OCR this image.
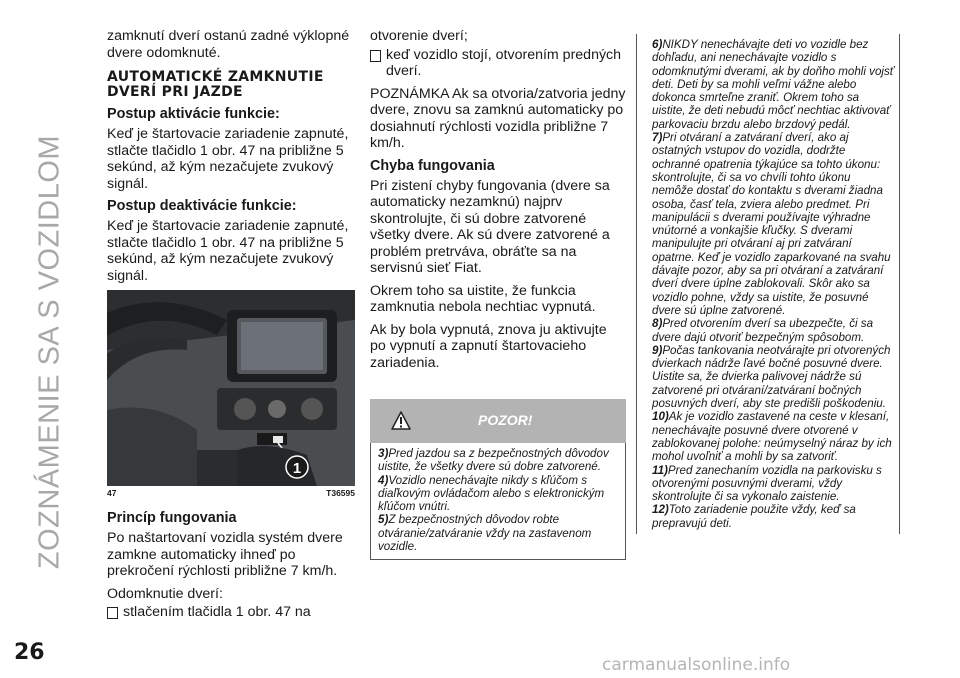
ZOZNÁMENIE SA S VOZIDLOM

zamknutí dverí ostanú zadné výklopné dvere odomknuté.

AUTOMATICKÉ ZAMKNUTIE DVERÍ PRI JAZDE
Postup aktivácie funkcie:

Keď je štartovacie zariadenie zapnuté, stlačte tlačidlo 1 obr. 47 na približne 5 sekúnd, až kým nezačujete zvukový signál.

Postup deaktivácie funkcie:

Keď je štartovacie zariadenie zapnuté, stlačte tlačidlo 1 obr. 47 na približne 5 sekúnd, až kým nezačujete zvukový signál.

1
47	T36595
Princíp fungovania

Po naštartovaní vozidla systém dvere zamkne automaticky ihneď po prekročení rýchlosti približne 7 km/h.

Odomknutie dverí:

stlačením tlačidla 1 obr. 47 na

otvorenie dverí;

keď vozidlo stojí, otvorením predných dverí.

POZNÁMKA Ak sa otvoria/zatvoria jedny dvere, znovu sa zamknú automaticky po dosiahnutí rýchlosti vozidla približne 7 km/h.

Chyba fungovania

Pri zistení chyby fungovania (dvere sa automaticky nezamknú) najprv skontrolujte, či sú dobre zatvorené všetky dvere. Ak sú dvere zatvorené a problém pretrváva, obráťte sa na servisnú sieť Fiat.

Okrem toho sa uistite, že funkcia zamknutia nebola nechtiac vypnutá.

Ak by bola vypnutá, znova ju aktivujte po vypnutí a zapnutí štartovacieho zariadenia.

POZOR!

3)Pred jazdou sa z bezpečnostných dôvodov uistite, že všetky dvere sú dobre zatvorené.

4)Vozidlo nenechávajte nikdy s kľúčom s diaľkovým ovládačom alebo s elektronickým kľúčom vnútri.

5)Z bezpečnostných dôvodov robte otváranie/zatváranie vždy na zastavenom vozidle.

6)NIKDY nenechávajte deti vo vozidle bez dohľadu, ani nenechávajte vozidlo s odomknutými dverami, ak by doňho mohli vojsť deti. Deti by sa mohli veľmi vážne alebo dokonca smrteľne zraniť. Okrem toho sa uistite, že deti nebudú môcť nechtiac aktivovať parkovaciu brzdu alebo brzdový pedál.

7)Pri otváraní a zatváraní dverí, ako aj ostatných vstupov do vozidla, dodržte ochranné opatrenia týkajúce sa tohto úkonu: skontrolujte, či sa vo chvíli tohto úkonu nemôže dostať do kontaktu s dverami žiadna osoba, časť tela, zviera alebo predmet. Pri manipulácii s dverami používajte výhradne vnútorné a vonkajšie kľučky. S dverami manipulujte pri otváraní aj pri zatváraní opatrne. Keď je vozidlo zaparkované na svahu dávajte pozor, aby sa pri otváraní a zatváraní dverí dvere úplne zablokovali. Skôr ako sa vozidlo pohne, vždy sa uistite, že posuvné dvere sú úplne zatvorené.

8)Pred otvorením dverí sa ubezpečte, či sa dvere dajú otvoriť bezpečným spôsobom.

9)Počas tankovania neotvárajte pri otvorených dvierkach nádrže ľavé bočné posuvné dvere. Uistite sa, že dvierka palivovej nádrže sú zatvorené pri otváraní/zatváraní bočných posuvných dverí, aby ste predišli poškodeniu.

10)Ak je vozidlo zastavené na ceste v klesaní, nenechávajte posuvné dvere otvorené v zablokovanej polohe: neúmyselný náraz by ich mohol uvoľniť a mohli by sa zatvoriť.

11)Pred zanechaním vozidla na parkovisku s otvorenými posuvnými dverami, vždy skontrolujte či sa vykonalo zaistenie.

12)Toto zariadenie použite vždy, keď sa prepravujú deti.

26	carmanualsonline.info
